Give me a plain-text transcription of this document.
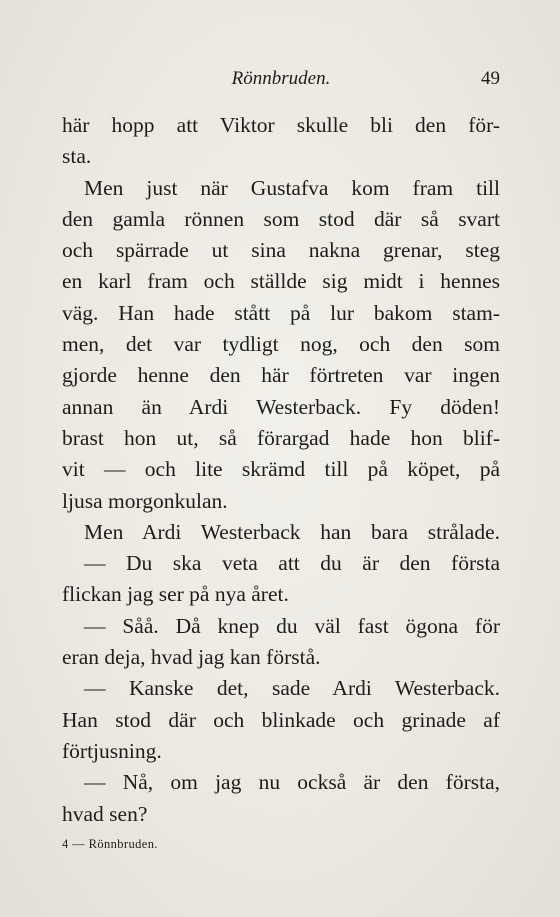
Rönnbruden.	49
här hopp att Viktor skulle bli den för-
sta.
Men just när Gustafva kom fram till
den gamla rönnen som stod där så svart
och spärrade ut sina nakna grenar, steg
en karl fram och ställde sig midt i hennes
väg. Han hade stått på lur bakom stam-
men, det var tydligt nog, och den som
gjorde henne den här förtreten var ingen
annan än Ardi Westerback. Fy döden!
brast hon ut, så förargad hade hon blif-
vit — och lite skrämd till på köpet, på
ljusa morgonkulan.
Men Ardi Westerback han bara strålade.
— Du ska veta att du är den första
flickan jag ser på nya året.
— Såå. Då knep du väl fast ögona för
eran deja, hvad jag kan förstå.
— Kanske det, sade Ardi Westerback.
Han stod där och blinkade och grinade af
förtjusning.
— Nå, om jag nu också är den första,
hvad sen?
4 — Rönnbruden.
